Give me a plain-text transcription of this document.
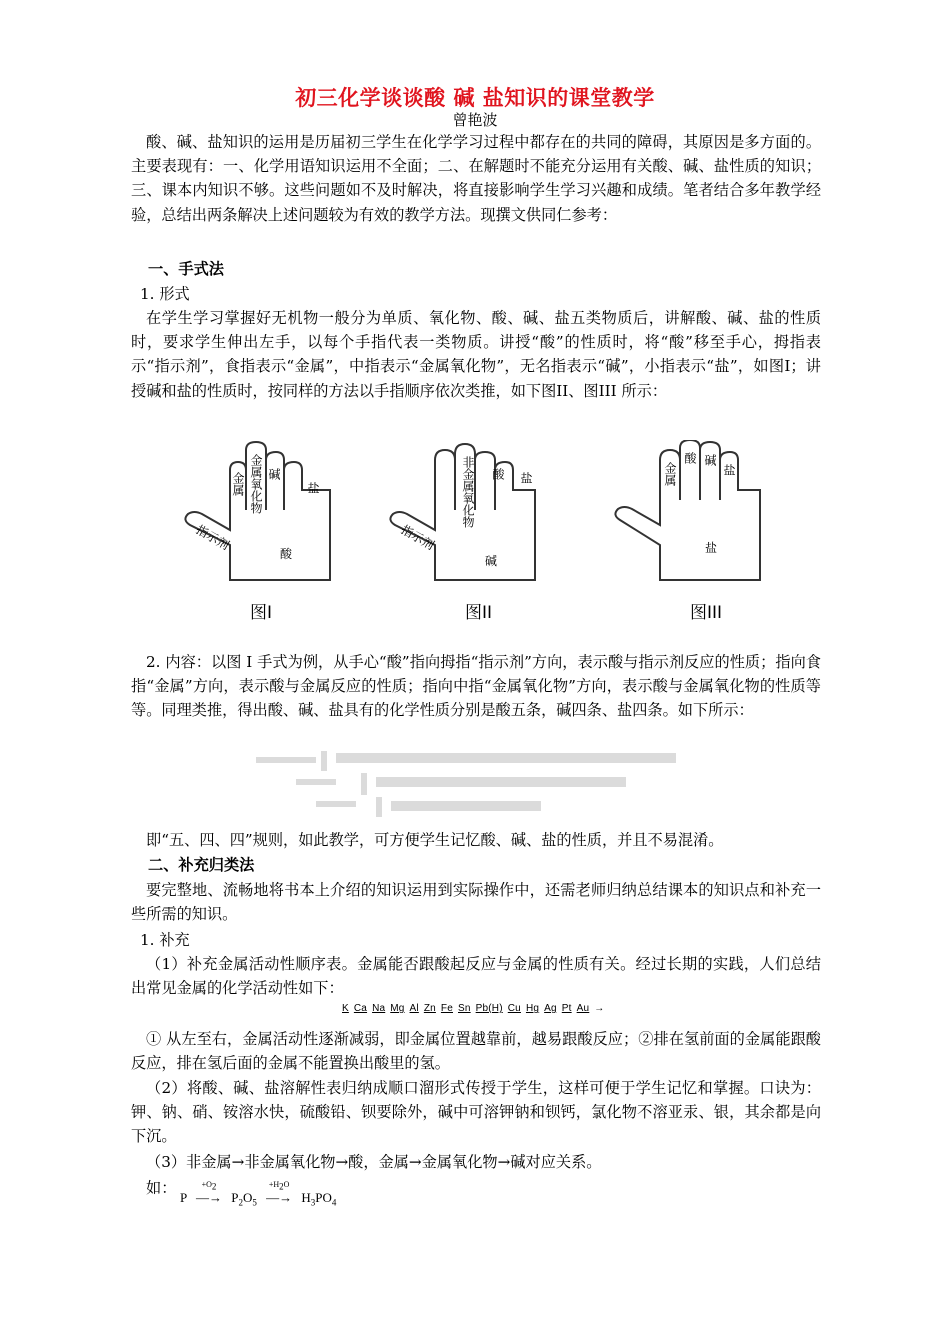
初三化学谈谈酸 碱 盐知识的课堂教学
曾艳波

酸、碱、盐知识的运用是历届初三学生在化学学习过程中都存在的共同的障碍，其原因是多方面的。主要表现有：一、化学用语知识运用不全面；二、在解题时不能充分运用有关酸、碱、盐性质的知识；三、课本内知识不够。这些问题如不及时解决，将直接影响学生学习兴趣和成绩。笔者结合多年教学经验，总结出两条解决上述问题较为有效的教学方法。现撰文供同仁参考：

一、手式法
1. 形式

在学生学习掌握好无机物一般分为单质、氧化物、酸、碱、盐五类物质后，讲解酸、碱、盐的性质时，要求学生伸出左手，以每个手指代表一类物质。讲授“酸”的性质时，将“酸”移至手心，拇指表示“指示剂”，食指表示“金属”，中指表示“金属氧化物”，无名指表示“碱”，小指表示“盐”，如图I；讲授碱和盐的性质时，按同样的方法以手指顺序依次类推，如下图II、图III 所示：

金属 金属氧化物 碱
盐
指示剂
酸
图I
非金属氧化物 酸 盐
指示剂
碱
图II
金属
酸 碱
盐
盐
图III

2. 内容：以图 I 手式为例，从手心“酸”指向拇指“指示剂”方向，表示酸与指示剂反应的性质；指向食指“金属”方向，表示酸与金属反应的性质；指向中指“金属氧化物”方向，表示酸与金属氧化物的性质等等。同理类推，得出酸、碱、盐具有的化学性质分别是酸五条，碱四条、盐四条。如下所示：

即“五、四、四”规则，如此教学，可方便学生记忆酸、碱、盐的性质，并且不易混淆。

二、补充归类法

要完整地、流畅地将书本上介绍的知识运用到实际操作中，还需老师归纳总结课本的知识点和补充一些所需的知识。

1. 补充

（1）补充金属活动性顺序表。金属能否跟酸起反应与金属的性质有关。经过长期的实践，人们总结出常见金属的化学活动性如下：

K Ca Na Mg Al Zn Fe Sn Pb(H) Cu Hg Ag Pt Au →

① 从左至右，金属活动性逐渐减弱，即金属位置越靠前，越易跟酸反应；②排在氢前面的金属能跟酸反应，排在氢后面的金属不能置换出酸里的氢。

（2）将酸、碱、盐溶解性表归纳成顺口溜形式传授于学生，这样可便于学生记忆和掌握。口诀为：钾、钠、硝、铵溶水快，硫酸铅、钡要除外，碱中可溶钾钠和钡钙，氯化物不溶亚汞、银，其余都是向下沉。

（3）非金属→非金属氧化物→酸，金属→金属氧化物→碱对应关系。

如：
P
$+O_2$
—→ $P_2O_5$
$+H_2O$
—→ $H_3PO_4$
